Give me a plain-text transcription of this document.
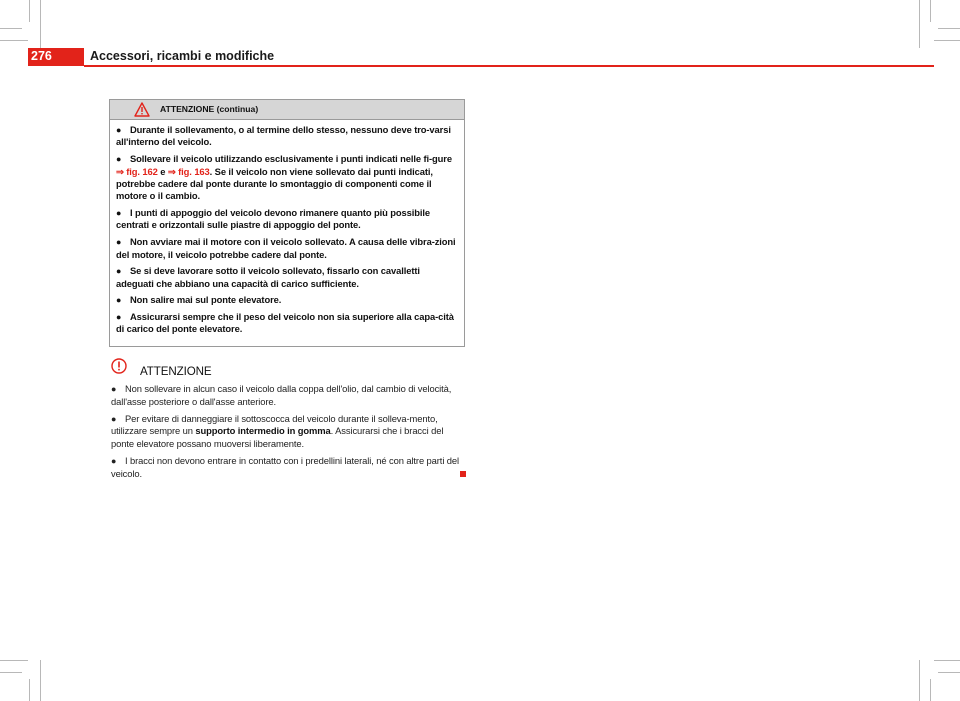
276	Accessori, ricambi e modifiche
ATTENZIONE (continua)
● Durante il sollevamento, o al termine dello stesso, nessuno deve tro-varsi all'interno del veicolo.
● Sollevare il veicolo utilizzando esclusivamente i punti indicati nelle fi-gure ⇒ fig. 162 e ⇒ fig. 163. Se il veicolo non viene sollevato dai punti indicati, potrebbe cadere dal ponte durante lo smontaggio di componenti come il motore o il cambio.
● I punti di appoggio del veicolo devono rimanere quanto più possibile centrati e orizzontali sulle piastre di appoggio del ponte.
● Non avviare mai il motore con il veicolo sollevato. A causa delle vibra-zioni del motore, il veicolo potrebbe cadere dal ponte.
● Se si deve lavorare sotto il veicolo sollevato, fissarlo con cavalletti adeguati che abbiano una capacità di carico sufficiente.
● Non salire mai sul ponte elevatore.
● Assicurarsi sempre che il peso del veicolo non sia superiore alla capa-cità di carico del ponte elevatore.
ATTENZIONE
● Non sollevare in alcun caso il veicolo dalla coppa dell'olio, dal cambio di velocità, dall'asse posteriore o dall'asse anteriore.
● Per evitare di danneggiare il sottoscocca del veicolo durante il solleva-mento, utilizzare sempre un supporto intermedio in gomma. Assicurarsi che i bracci del ponte elevatore possano muoversi liberamente.
● I bracci non devono entrare in contatto con i predellini laterali, né con altre parti del veicolo.
